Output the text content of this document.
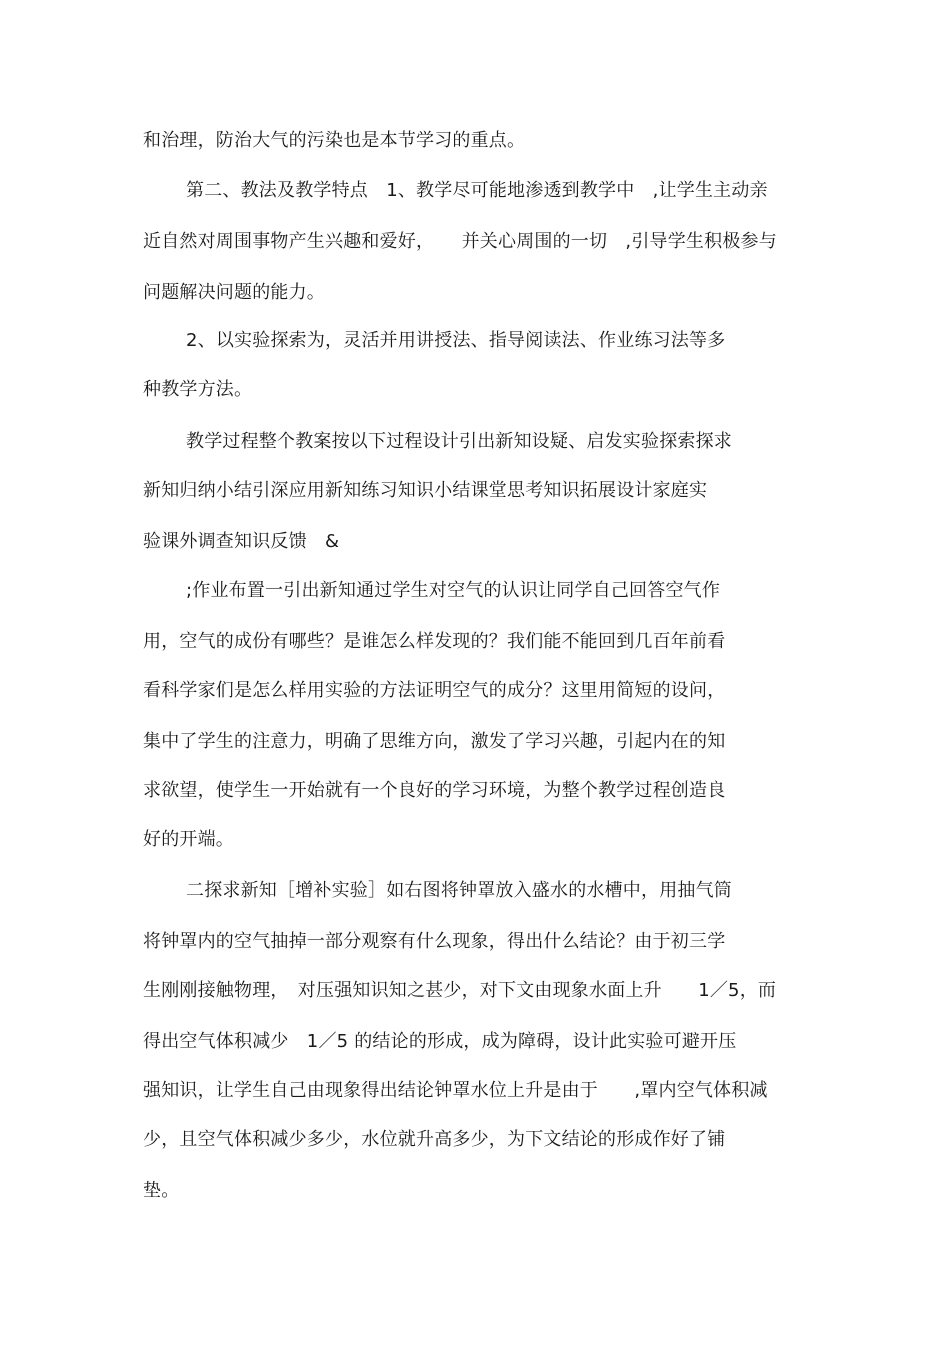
和治理，防治大气的污染也是本节学习的重点。
第二、教法及教学特点　1、教学尽可能地渗透到教学中　,让学生主动亲
近自然对周围事物产生兴趣和爱好，　　并关心周围的一切　,引导学生积极参与
问题解决问题的能力。
2、以实验探索为，灵活并用讲授法、指导阅读法、作业练习法等多
种教学方法。
教学过程整个教案按以下过程设计引出新知设疑、启发实验探索探求
新知归纳小结引深应用新知练习知识小结课堂思考知识拓展设计家庭实
验课外调查知识反馈　&
;作业布置一引出新知通过学生对空气的认识让同学自己回答空气作
用，空气的成份有哪些？是谁怎么样发现的？我们能不能回到几百年前看
看科学家们是怎么样用实验的方法证明空气的成分？这里用简短的设问，
集中了学生的注意力，明确了思维方向，激发了学习兴趣，引起内在的知
求欲望，使学生一开始就有一个良好的学习环境，为整个教学过程创造良
好的开端。
二探求新知［增补实验］如右图将钟罩放入盛水的水槽中，用抽气筒
将钟罩内的空气抽掉一部分观察有什么现象，得出什么结论？由于初三学
生刚刚接触物理，　对压强知识知之甚少，对下文由现象水面上升　　1／5，而
得出空气体积减少　1／5 的结论的形成，成为障碍，设计此实验可避开压
强知识，让学生自己由现象得出结论钟罩水位上升是由于　　,罩内空气体积减
少，且空气体积减少多少，水位就升高多少，为下文结论的形成作好了铺
垫。
